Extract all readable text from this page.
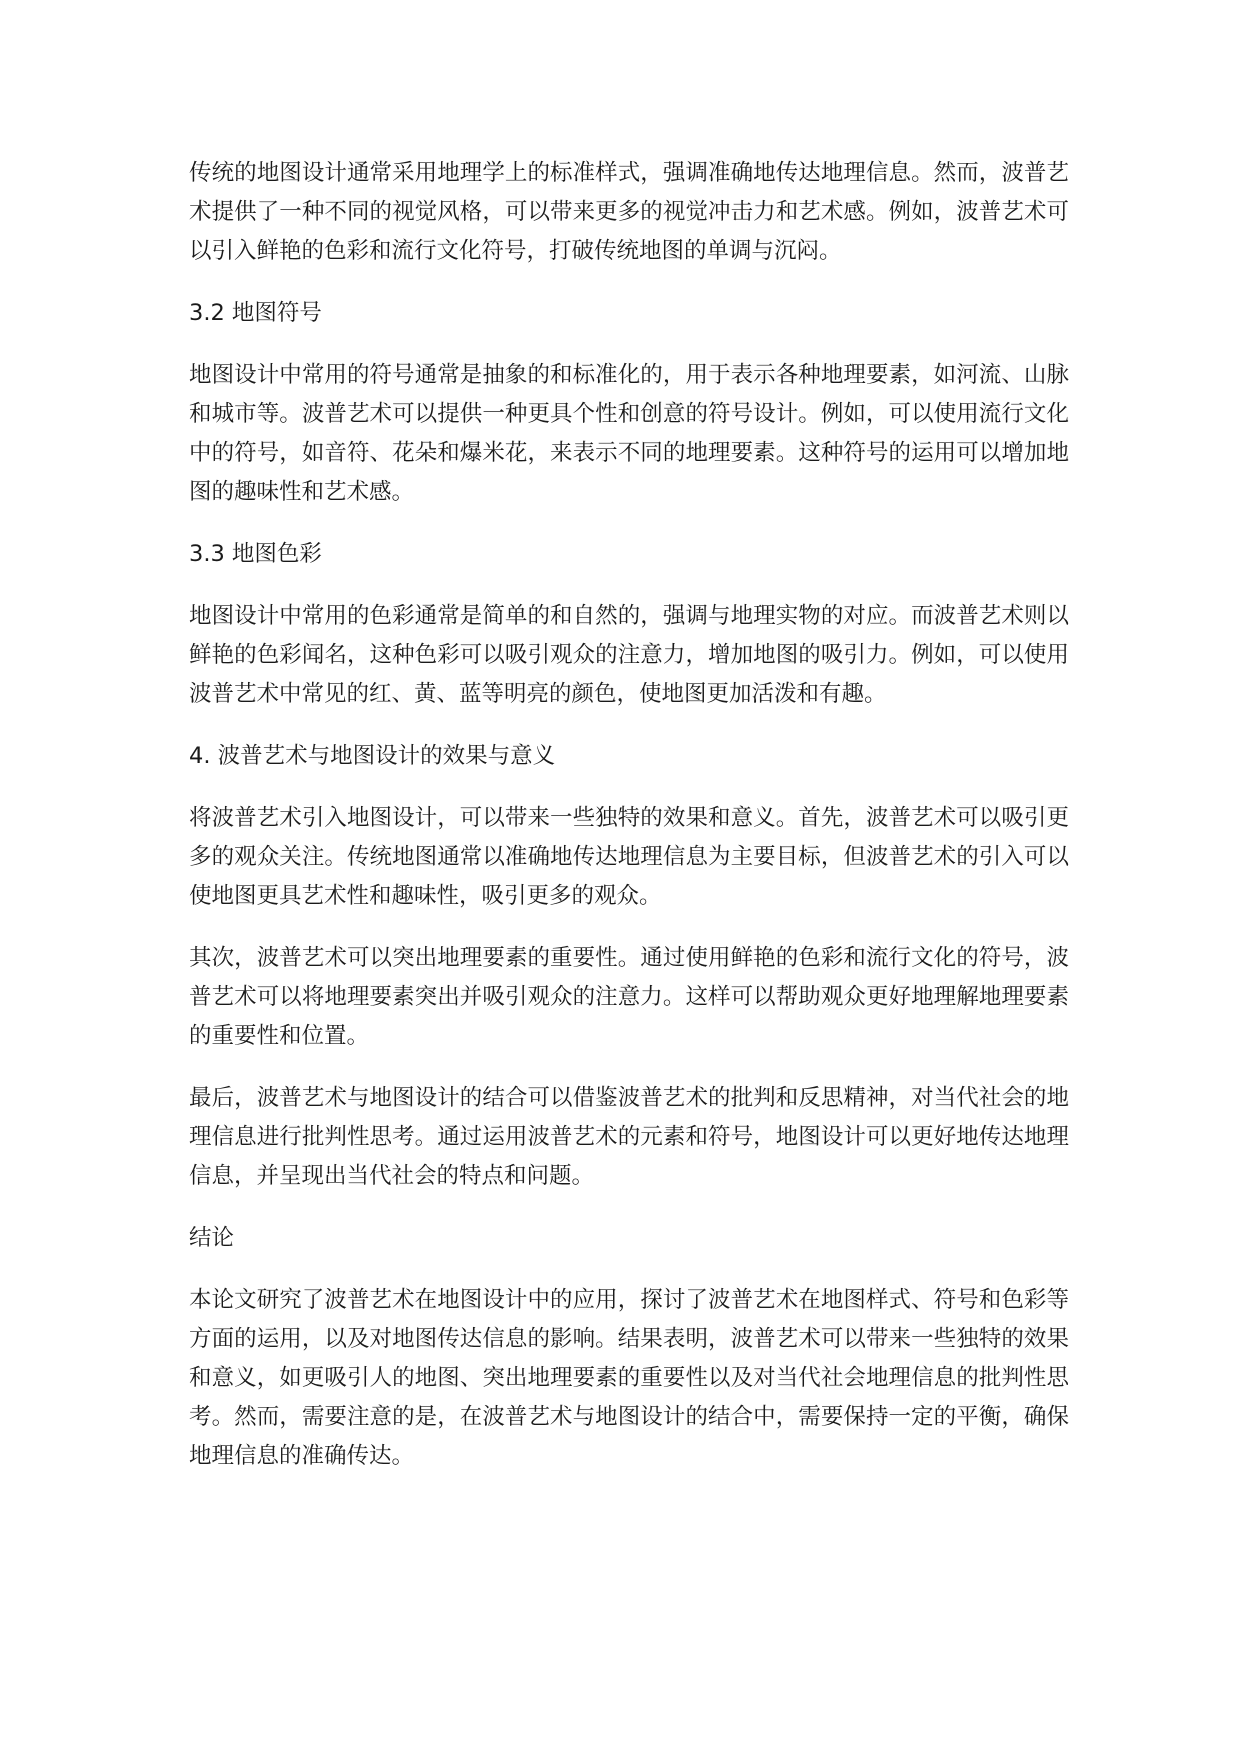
传统的地图设计通常采用地理学上的标准样式，强调准确地传达地理信息。然而，波普艺术提供了一种不同的视觉风格，可以带来更多的视觉冲击力和艺术感。例如，波普艺术可以引入鲜艳的色彩和流行文化符号，打破传统地图的单调与沉闷。

3.2 地图符号

地图设计中常用的符号通常是抽象的和标准化的，用于表示各种地理要素，如河流、山脉和城市等。波普艺术可以提供一种更具个性和创意的符号设计。例如，可以使用流行文化中的符号，如音符、花朵和爆米花，来表示不同的地理要素。这种符号的运用可以增加地图的趣味性和艺术感。

3.3 地图色彩

地图设计中常用的色彩通常是简单的和自然的，强调与地理实物的对应。而波普艺术则以鲜艳的色彩闻名，这种色彩可以吸引观众的注意力，增加地图的吸引力。例如，可以使用波普艺术中常见的红、黄、蓝等明亮的颜色，使地图更加活泼和有趣。

4. 波普艺术与地图设计的效果与意义

将波普艺术引入地图设计，可以带来一些独特的效果和意义。首先，波普艺术可以吸引更多的观众关注。传统地图通常以准确地传达地理信息为主要目标，但波普艺术的引入可以使地图更具艺术性和趣味性，吸引更多的观众。

其次，波普艺术可以突出地理要素的重要性。通过使用鲜艳的色彩和流行文化的符号，波普艺术可以将地理要素突出并吸引观众的注意力。这样可以帮助观众更好地理解地理要素的重要性和位置。

最后，波普艺术与地图设计的结合可以借鉴波普艺术的批判和反思精神，对当代社会的地理信息进行批判性思考。通过运用波普艺术的元素和符号，地图设计可以更好地传达地理信息，并呈现出当代社会的特点和问题。

结论

本论文研究了波普艺术在地图设计中的应用，探讨了波普艺术在地图样式、符号和色彩等方面的运用，以及对地图传达信息的影响。结果表明，波普艺术可以带来一些独特的效果和意义，如更吸引人的地图、突出地理要素的重要性以及对当代社会地理信息的批判性思考。然而，需要注意的是，在波普艺术与地图设计的结合中，需要保持一定的平衡，确保地理信息的准确传达。
